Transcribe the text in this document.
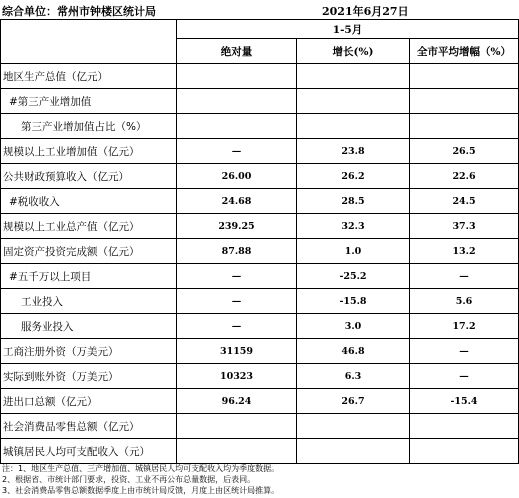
综合单位：常州市钟楼区统计局	2021年6月27日
	1-5月		
	绝对量	增长(%)	全市平均增幅（%）
地区生产总值（亿元）			
#第三产业增加值			
第三产业增加值占比（%）			
规模以上工业增加值（亿元）	—	23.8	26.5
公共财政预算收入（亿元）	26.00	26.2	22.6
#税收收入	24.68	28.5	24.5
规模以上工业总产值（亿元）	239.25	32.3	37.3
固定资产投资完成额（亿元）	87.88	1.0	13.2
#五千万以上项目	—	-25.2	—
工业投入	—	-15.8	5.6
服务业投入	—	3.0	17.2
工商注册外资（万美元）	31159	46.8	—
实际到账外资（万美元）	10323	6.3	—
进出口总额（亿元）	96.24	26.7	-15.4
社会消费品零售总额（亿元）			
城镇居民人均可支配收入（元）			
注：1、地区生产总值、三产增加值、城镇居民人均可支配收入均为季度数据。
2、根据省、市统计部门要求，投资、工业不再公布总量数据，后表同。
3、社会消费品零售总额数据季度上由市统计局反馈，月度上由区统计局推算。
